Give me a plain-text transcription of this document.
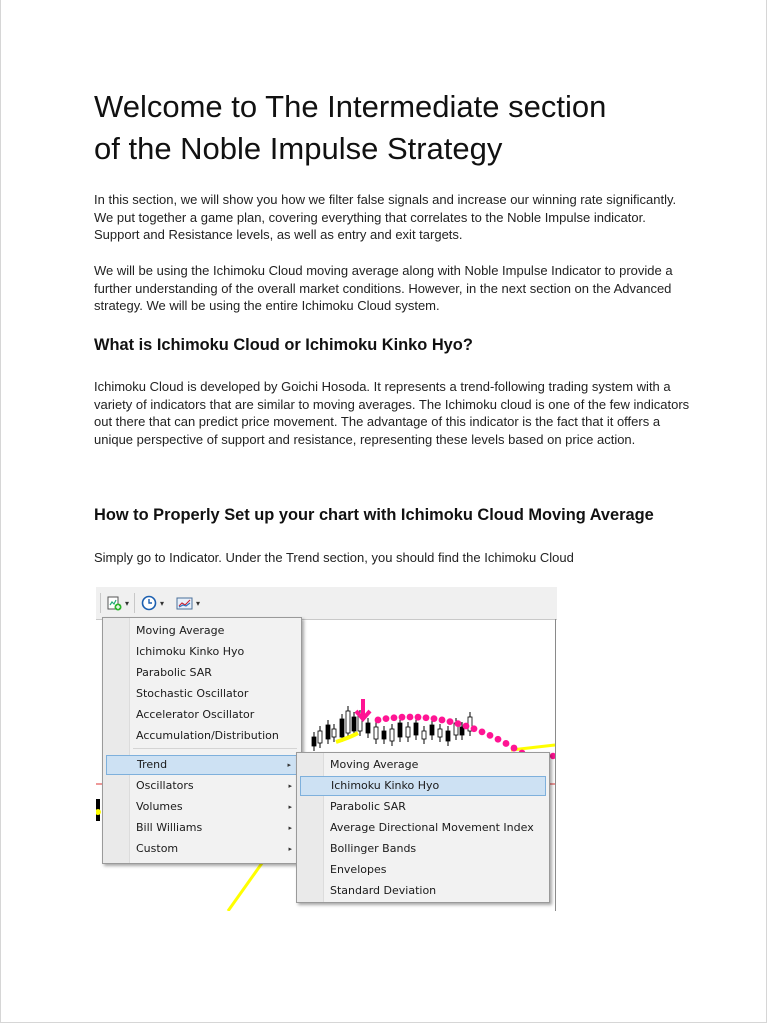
Welcome to The Intermediate section
of the Noble Impulse Strategy

In this section, we will show you how we filter false signals and increase our winning rate significantly. We put together a game plan, covering everything that correlates to the Noble Impulse indicator. Support and Resistance levels, as well as entry and exit targets.

We will be using the Ichimoku Cloud moving average along with Noble Impulse Indicator to provide a further understanding of the overall market conditions. However, in the next section on the Advanced strategy. We will be using the entire Ichimoku Cloud system.

What is Ichimoku Cloud or Ichimoku Kinko Hyo?

Ichimoku Cloud is developed by Goichi Hosoda. It represents a trend-following trading system with a variety of indicators that are similar to moving averages. The Ichimoku cloud is one of the few indicators out there that can predict price movement. The advantage of this indicator is the fact that it offers a unique perspective of support and resistance, representing these levels based on price action.

How to Properly Set up your chart with Ichimoku Cloud Moving Average

Simply go to Indicator. Under the Trend section, you should find the Ichimoku Cloud

▾	▾	▾
Moving Average
Ichimoku Kinko Hyo
Parabolic SAR
Stochastic Oscillator
Accelerator Oscillator
Accumulation/Distribution
Trend	▸
Oscillators	▸
Volumes	▸
Bill Williams	▸
Custom	▸
Moving Average
Ichimoku Kinko Hyo
Parabolic SAR
Average Directional Movement Index
Bollinger Bands
Envelopes
Standard Deviation
